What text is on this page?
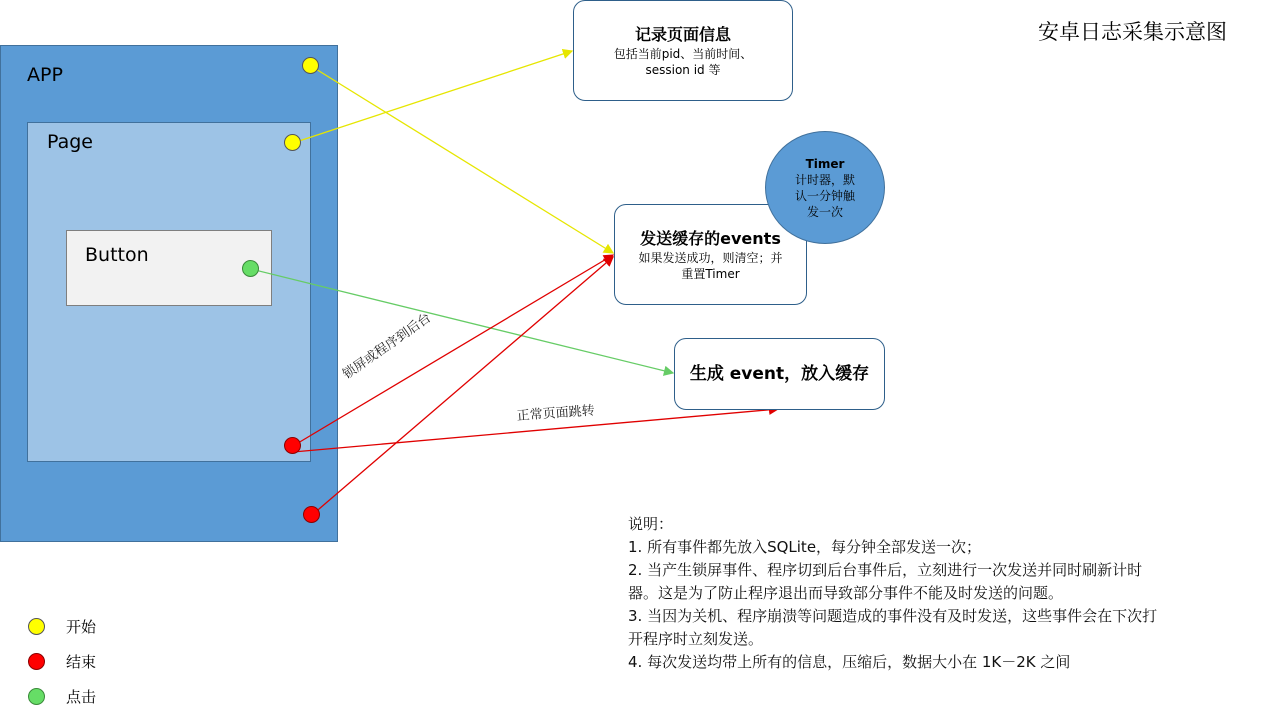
安卓日志采集示意图
APP
Page
Button
锁屏或程序到后台
正常页面跳转
记录页面信息
包括当前pid、当前时间、session id 等
发送缓存的events
如果发送成功，则清空；并重置Timer
Timer
计时器，默认一分钟触发一次
生成 event，放入缓存
说明：
1. 所有事件都先放入SQLite，每分钟全部发送一次；
2. 当产生锁屏事件、程序切到后台事件后，立刻进行一次发送并同时刷新计时器。这是为了防止程序退出而导致部分事件不能及时发送的问题。
3. 当因为关机、程序崩溃等问题造成的事件没有及时发送，这些事件会在下次打开程序时立刻发送。
4. 每次发送均带上所有的信息，压缩后，数据大小在 1K－2K 之间
开始
结束
点击
